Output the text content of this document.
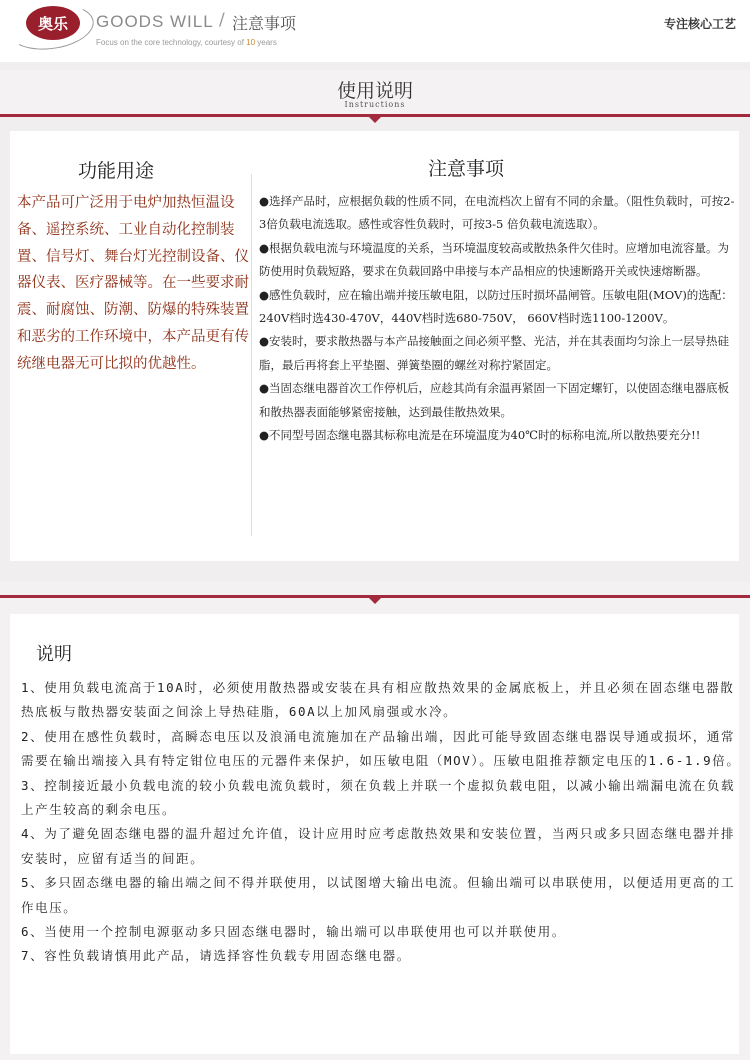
奥乐	GOODS WILL / 注意事项
Focus on the core technology, courtesy of 10 years
专注核心工艺
使用说明
Instructions
功能用途
本产品可广泛用于电炉加热恒温设备、遥控系统、工业自动化控制装置、信号灯、舞台灯光控制设备、仪器仪表、医疗器械等。在一些要求耐震、耐腐蚀、防潮、防爆的特殊装置和恶劣的工作环境中，本产品更有传统继电器无可比拟的优越性。
注意事项

●选择产品时，应根据负载的性质不同，在电流档次上留有不同的余量。（阻性负载时，可按2-3倍负载电流选取。感性或容性负载时，可按3-5 倍负载电流选取）。

●根据负载电流与环境温度的关系，当环境温度较高或散热条件欠佳时。应增加电流容量。为防使用时负载短路，要求在负载回路中串接与本产品相应的快速断路开关或快速熔断器。

●感性负载时，应在输出端并接压敏电阻，以防过压时损坏晶闸管。压敏电阻(MOV)的选配：240V档时选430-470V，440V档时选680-750V， 660V档时选1100-1200V。

●安装时，要求散热器与本产品接触面之间必须平整、光洁，并在其表面均匀涂上一层导热硅脂，最后再将套上平垫圈、弹簧垫圈的螺丝对称拧紧固定。

●当固态继电器首次工作停机后，应趁其尚有余温再紧固一下固定螺钉，以使固态继电器底板和散热器表面能够紧密接触，达到最佳散热效果。

●不同型号固态继电器其标称电流是在环境温度为40℃时的标称电流,所以散热要充分!!

说明

1、使用负载电流高于10A时，必须使用散热器或安装在具有相应散热效果的金属底板上，并且必须在固态继电器散热底板与散热器安装面之间涂上导热硅脂，60A以上加风扇强或水冷。

2、使用在感性负载时，高瞬态电压以及浪涌电流施加在产品输出端，因此可能导致固态继电器误导通或损坏，通常需要在输出端接入具有特定钳位电压的元器件来保护，如压敏电阻（MOV）。压敏电阻推荐额定电压的1.6-1.9倍。

3、控制接近最小负载电流的较小负载电流负载时，须在负载上并联一个虚拟负载电阻，以减小输出端漏电流在负载上产生较高的剩余电压。

4、为了避免固态继电器的温升超过允许值，设计应用时应考虑散热效果和安装位置，当两只或多只固态继电器并排安装时，应留有适当的间距。

5、多只固态继电器的输出端之间不得并联使用，以试图增大输出电流。但输出端可以串联使用，以便适用更高的工作电压。

6、当使用一个控制电源驱动多只固态继电器时，输出端可以串联使用也可以并联使用。

7、容性负载请慎用此产品，请选择容性负载专用固态继电器。
